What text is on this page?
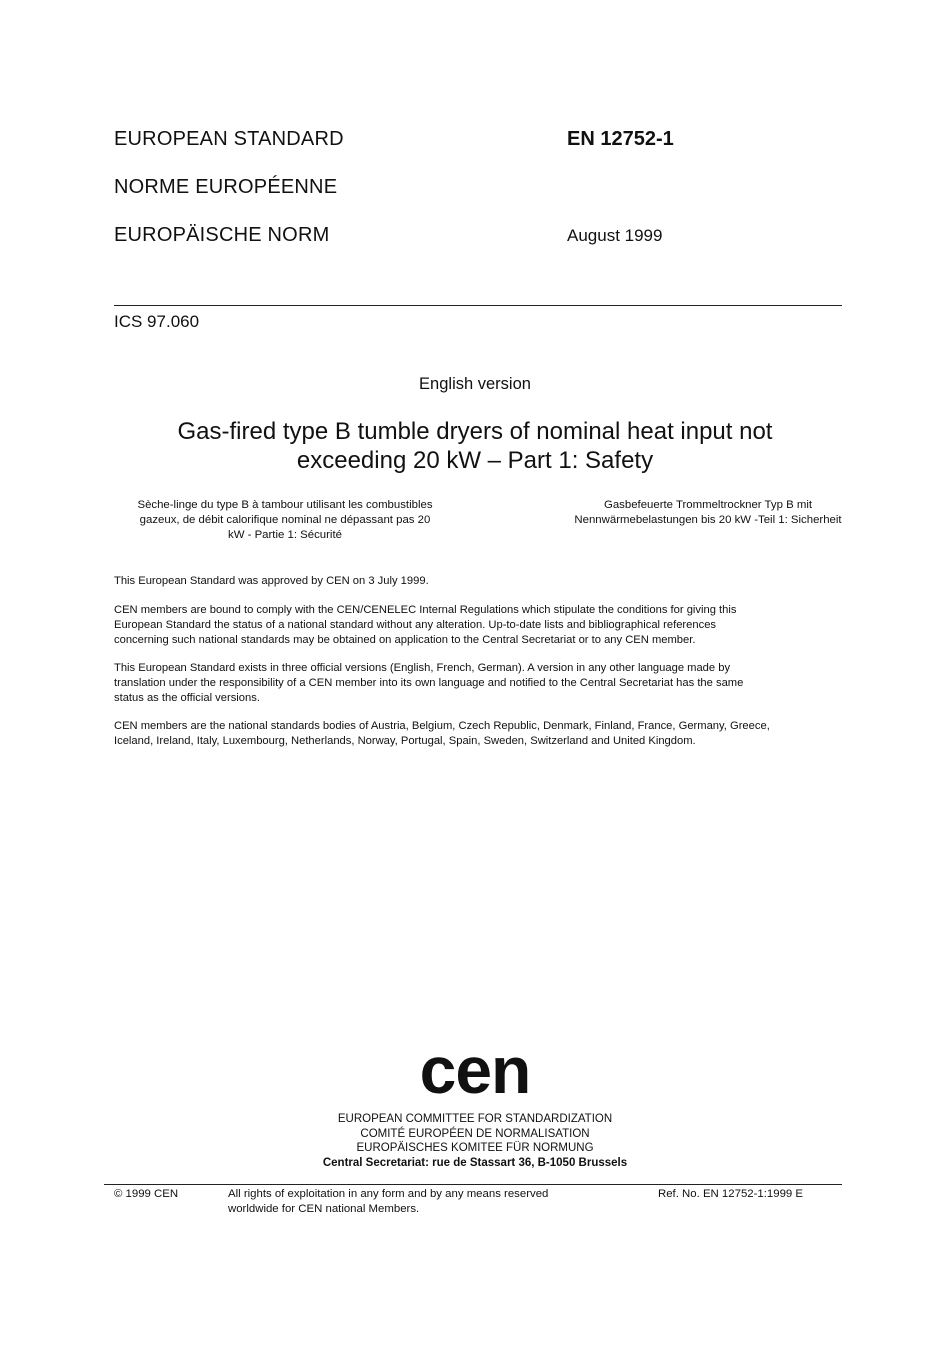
EUROPEAN STANDARD
NORME EUROPÉENNE
EUROPÄISCHE NORM
EN 12752-1
August 1999
ICS 97.060
English version
Gas-fired type B tumble dryers of nominal heat input not
exceeding 20 kW – Part 1: Safety
Sèche-linge du type B à tambour utilisant les combustibles
gazeux, de débit calorifique nominal ne dépassant pas 20
kW - Partie 1: Sécurité
Gasbefeuerte Trommeltrockner Typ B mit
Nennwärmebelastungen bis 20 kW -Teil 1: Sicherheit
This European Standard was approved by CEN on 3 July 1999.
CEN members are bound to comply with the CEN/CENELEC Internal Regulations which stipulate the conditions for giving this
European Standard the status of a national standard without any alteration. Up-to-date lists and bibliographical references
concerning such national standards may be obtained on application to the Central Secretariat or to any CEN member.
This European Standard exists in three official versions (English, French, German). A version in any other language made by
translation under the responsibility of a CEN member into its own language and notified to the Central Secretariat has the same
status as the official versions.
CEN members are the national standards bodies of Austria, Belgium, Czech Republic, Denmark, Finland, France, Germany, Greece,
Iceland, Ireland, Italy, Luxembourg, Netherlands, Norway, Portugal, Spain, Sweden, Switzerland and United Kingdom.
cen
EUROPEAN COMMITTEE FOR STANDARDIZATION
COMITÉ EUROPÉEN DE NORMALISATION
EUROPÄISCHES KOMITEE FÜR NORMUNG
Central Secretariat: rue de Stassart 36, B-1050 Brussels
© 1999 CEN	All rights of exploitation in any form and by any means reserved
worldwide for CEN national Members.
Ref. No. EN 12752-1:1999 E
